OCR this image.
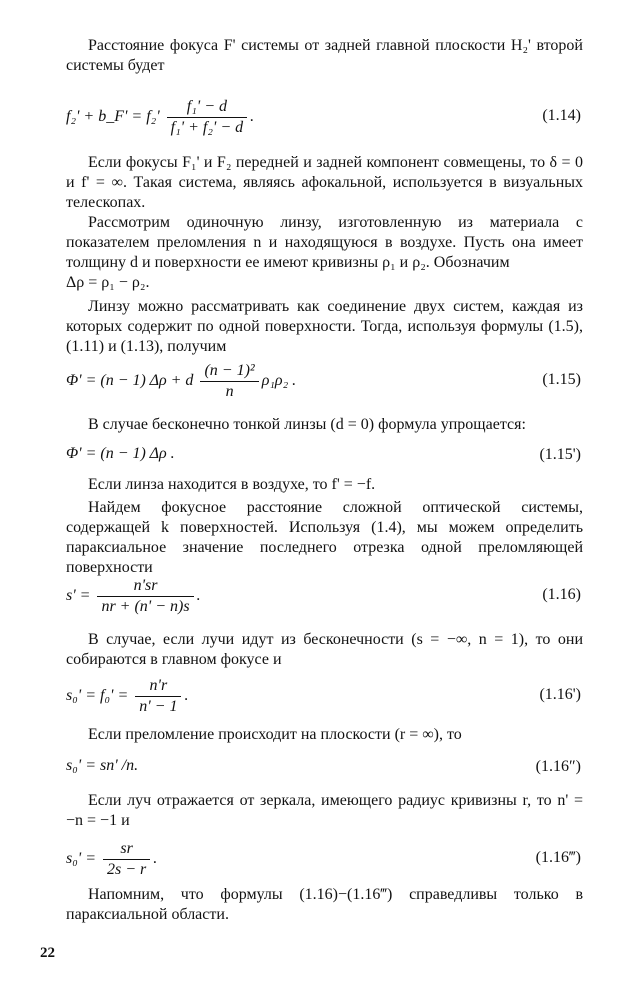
Расстояние фокуса F' системы от задней главной плоскости H₂' второй системы будет

f₂' + b_F' = $f_2' \frac{\text{f₁' − d}}{\text{f₁' + f₂' − d}}$ .	(1.14)

Если фокусы F₁' и F₂ передней и задней компонент совмещены, то δ = 0 и f' = ∞. Такая система, являясь афокальной, используется в визуальных телескопах.

Рассмотрим одиночную линзу, изготовленную из материала с показателем преломления n и находящуюся в воздухе. Пусть она имеет толщину d и поверхности ее имеют кривизны ρ₁ и ρ₂. Обозначим

Δρ = ρ₁ − ρ₂.

Линзу можно рассматривать как соединение двух систем, каждая из которых содержит по одной поверхности. Тогда, используя формулы (1.5), (1.11) и (1.13), получим

Φ' = (n − 1) Δρ + d $\frac{\text{(n − 1)²}}{n} \rho_1\rho_2$ .	(1.15)

В случае бесконечно тонкой линзы (d = 0) формула упрощается:

Φ' = (n − 1) Δρ .	(1.15')

Если линза находится в воздухе, то f' = −f.

Найдем фокусное расстояние сложной оптической системы, содержащей k поверхностей. Используя (1.4), мы можем определить параксиальное значение последнего отрезка одной преломляющей поверхности

$s' = \frac{n'sr}{nr + (n' - n)s}$ .	(1.16)

В случае, если лучи идут из бесконечности (s = −∞, n = 1), то они собираются в главном фокусе и

$s_0' = f_0' = \frac{n'r}{n' - 1}$ .	(1.16')

Если преломление происходит на плоскости (r = ∞), то

s₀' = sn' /n.	(1.16″)

Если луч отражается от зеркала, имеющего радиус кривизны r, то n' = −n = −1 и

$s_0' = \frac{sr}{2s - r}$ .	(1.16‴)

Напомним, что формулы (1.16)−(1.16‴) справедливы только в параксиальной области.

22
